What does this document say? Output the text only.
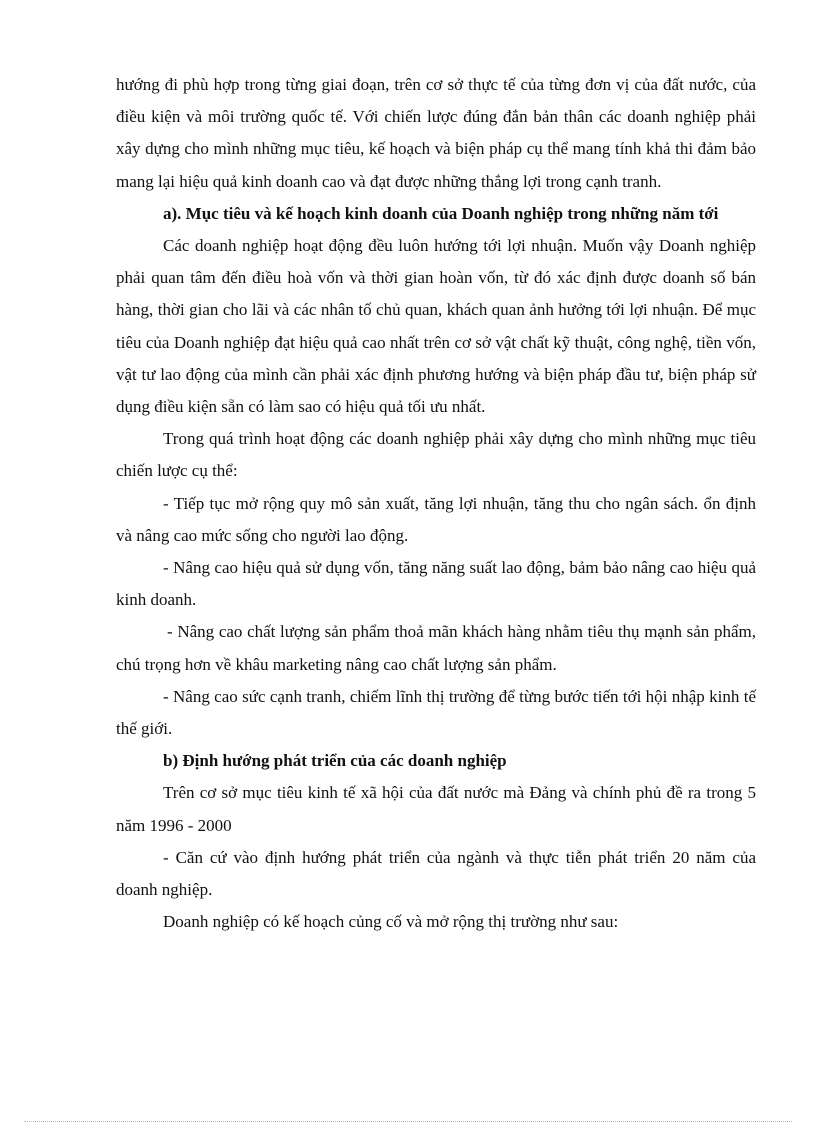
hướng đi phù hợp trong từng giai đoạn, trên cơ sở thực tế của từng đơn vị của đất nước, của điều kiện và môi trường quốc tế. Với chiến lược đúng đắn bản thân các doanh nghiệp phải xây dựng cho mình những mục tiêu, kế hoạch và biện pháp cụ thể mang tính khả thi đảm bảo mang lại hiệu quả kinh doanh cao và đạt được những thắng lợi trong cạnh tranh.

a). Mục tiêu và kế hoạch kinh doanh của Doanh nghiệp trong những năm tới

Các doanh nghiệp hoạt động đều luôn hướng tới lợi nhuận. Muốn vậy Doanh nghiệp phải quan tâm đến điều hoà vốn và thời gian hoàn vốn, từ đó xác định được doanh số bán hàng, thời gian cho lãi và các nhân tố chủ quan, khách quan ảnh hưởng tới lợi nhuận. Để mục tiêu của Doanh nghiệp đạt hiệu quả cao nhất trên cơ sở vật chất kỹ thuật, công nghệ, tiền vốn, vật tư lao động của mình cần phải xác định phương hướng và biện pháp đầu tư, biện pháp sử dụng điều kiện sẵn có làm sao có hiệu quả tối ưu nhất.

Trong quá trình hoạt động các doanh nghiệp phải xây dựng cho mình những mục tiêu chiến lược cụ thể:

- Tiếp tục mở rộng quy mô sản xuất, tăng lợi nhuận, tăng thu cho ngân sách. ổn định và nâng cao mức sống cho người lao động.

- Nâng cao hiệu quả sử dụng vốn, tăng năng suất lao động, bảm bảo nâng cao hiệu quả kinh doanh.

- Nâng cao chất lượng sản phẩm thoả mãn khách hàng nhằm tiêu thụ mạnh sản phẩm, chú trọng hơn về khâu marketing nâng cao chất lượng sản phẩm.

- Nâng cao sức cạnh tranh, chiếm lĩnh thị trường để từng bước tiến tới hội nhập kinh tế thế giới.

b) Định hướng phát triển của các doanh nghiệp

Trên cơ sở mục tiêu kinh tế xã hội của đất nước mà Đảng và chính phủ đề ra trong 5 năm 1996 - 2000

- Căn cứ vào định hướng phát triển của ngành và thực tiễn phát triển 20 năm của doanh nghiệp.

Doanh nghiệp có kế hoạch củng cố và mở rộng thị trường như sau:
